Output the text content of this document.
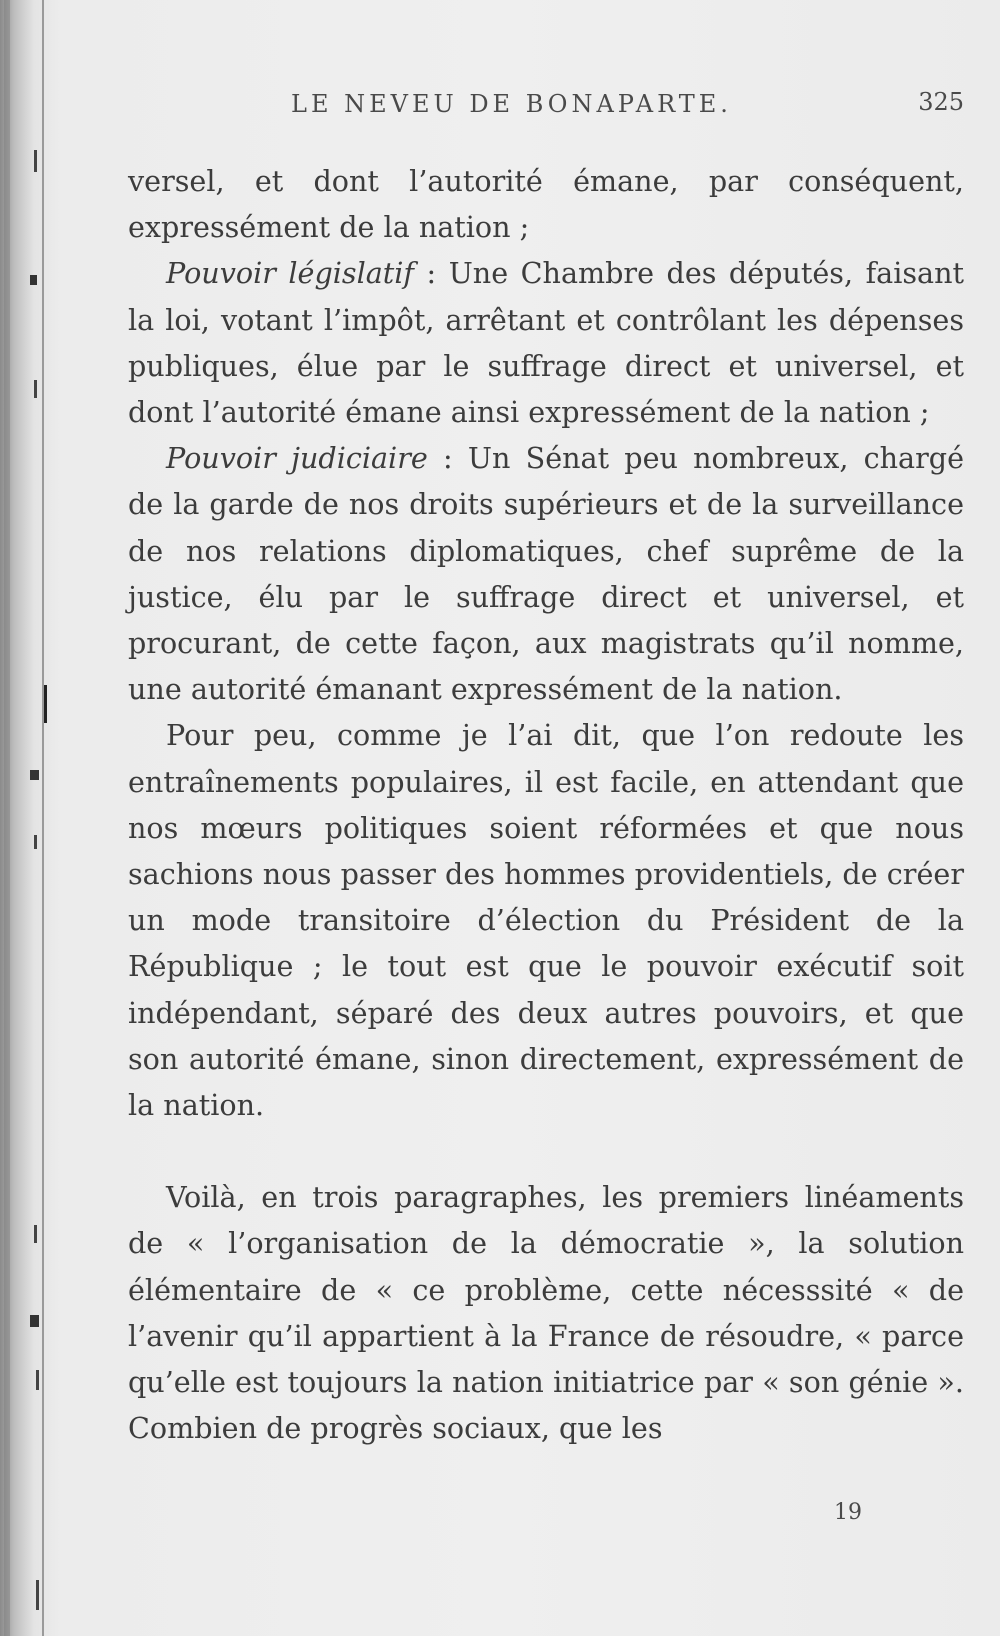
LE NEVEU DE BONAPARTE.	325

versel, et dont l’autorité émane, par conséquent, expressément de la nation ;

Pouvoir législatif : Une Chambre des députés, faisant la loi, votant l’impôt, arrêtant et contrôlant les dépenses publiques, élue par le suffrage direct et universel, et dont l’autorité émane ainsi expressément de la nation ;

Pouvoir judiciaire : Un Sénat peu nombreux, chargé de la garde de nos droits supérieurs et de la surveillance de nos relations diplomatiques, chef suprême de la justice, élu par le suffrage direct et universel, et procurant, de cette façon, aux magistrats qu’il nomme, une autorité émanant expressément de la nation.

Pour peu, comme je l’ai dit, que l’on redoute les entraînements populaires, il est facile, en attendant que nos mœurs politiques soient réformées et que nous sachions nous passer des hommes providentiels, de créer un mode transitoire d’élection du Président de la République ; le tout est que le pouvoir exécutif soit indépendant, séparé des deux autres pouvoirs, et que son autorité émane, sinon directement, expressément de la nation.

Voilà, en trois paragraphes, les premiers linéaments de « l’organisation de la démocratie », la solution élémentaire de « ce problème, cette nécesssité « de l’avenir qu’il appartient à la France de résoudre, « parce qu’elle est toujours la nation initiatrice par « son génie ». Combien de progrès sociaux, que les

19
